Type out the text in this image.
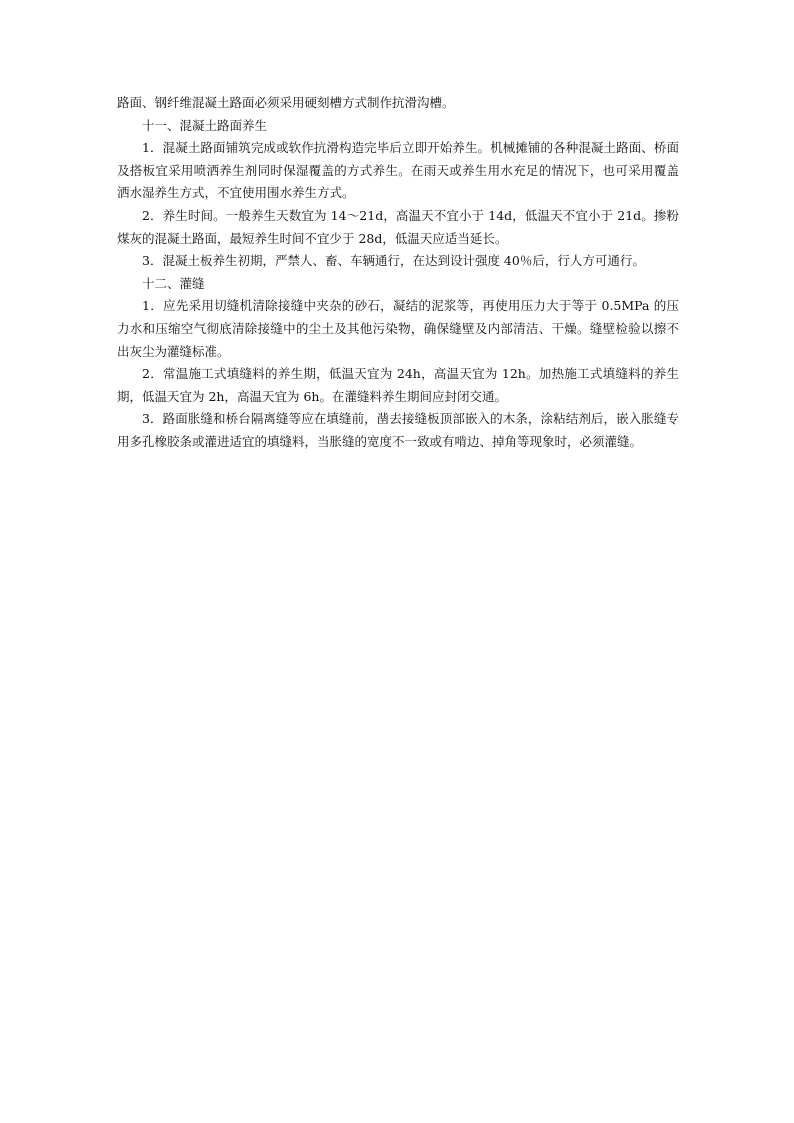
路面、钢纤维混凝土路面必须采用硬刻槽方式制作抗滑沟槽。

十一、混凝土路面养生

1．混凝土路面铺筑完成或软作抗滑构造完毕后立即开始养生。机械摊铺的各种混凝土路面、桥面及搭板宜采用喷洒养生剂同时保湿覆盖的方式养生。在雨天或养生用水充足的情况下，也可采用覆盖洒水湿养生方式，不宜使用围水养生方式。

2．养生时间。一般养生天数宜为 14～21d，高温天不宜小于 14d，低温天不宜小于 21d。掺粉煤灰的混凝土路面，最短养生时间不宜少于 28d，低温天应适当延长。

3．混凝土板养生初期，严禁人、畜、车辆通行，在达到设计强度 40％后，行人方可通行。

十二、灌缝

1．应先采用切缝机清除接缝中夹杂的砂石，凝结的泥浆等，再使用压力大于等于 0.5MPa 的压力水和压缩空气彻底清除接缝中的尘土及其他污染物，确保缝壁及内部清洁、干燥。缝壁检验以擦不出灰尘为灌缝标准。

2．常温施工式填缝料的养生期，低温天宜为 24h，高温天宜为 12h。加热施工式填缝料的养生期，低温天宜为 2h，高温天宜为 6h。在灌缝料养生期间应封闭交通。

3．路面胀缝和桥台隔离缝等应在填缝前，凿去接缝板顶部嵌入的木条，涂粘结剂后，嵌入胀缝专用多孔橡胶条或灌进适宜的填缝料，当胀缝的宽度不一致或有啃边、掉角等现象时，必须灌缝。
